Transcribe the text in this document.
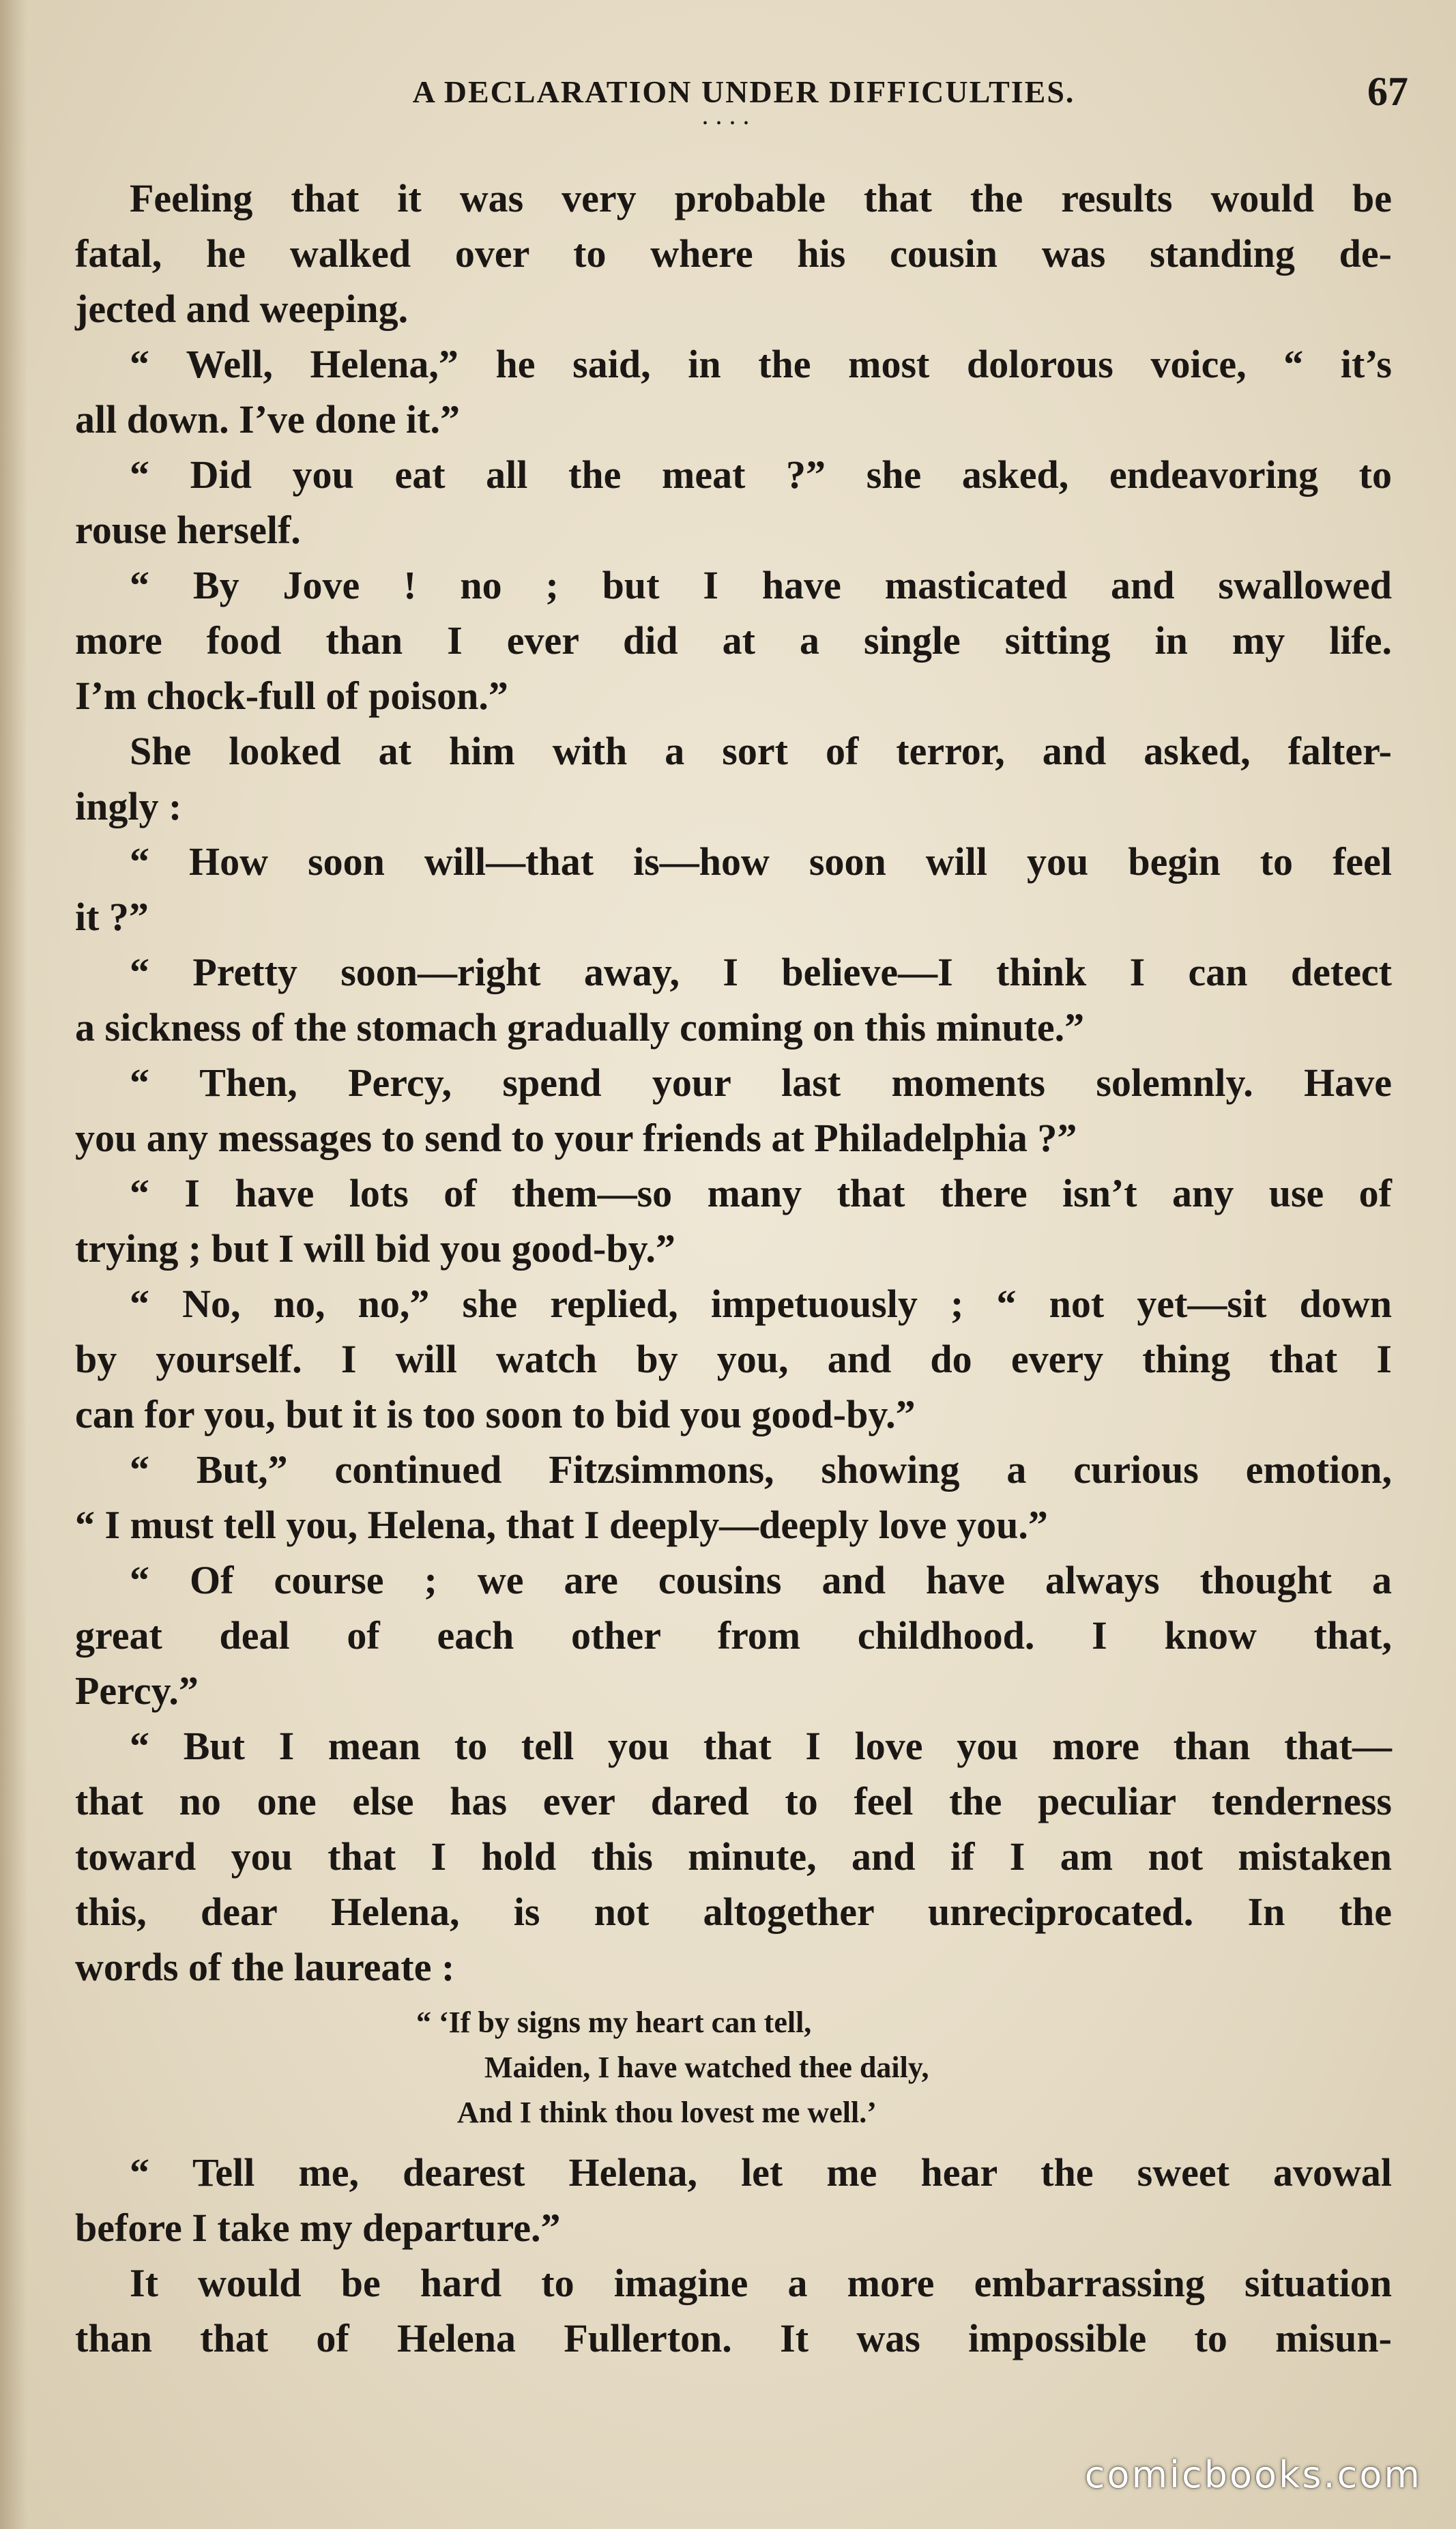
A DECLARATION UNDER DIFFICULTIES.	67
• • • •
Feeling that it was very probable that the results would be
fatal, he walked over to where his cousin was standing de-
jected and weeping.
“ Well, Helena,” he said, in the most dolorous voice, “ it’s
all down. I’ve done it.”
“ Did you eat all the meat ?” she asked, endeavoring to
rouse herself.
“ By Jove ! no ; but I have masticated and swallowed
more food than I ever did at a single sitting in my life.
I’m chock-full of poison.”
She looked at him with a sort of terror, and asked, falter-
ingly :
“ How soon will—that is—how soon will you begin to feel
it ?”
“ Pretty soon—right away, I believe—I think I can detect
a sickness of the stomach gradually coming on this minute.”
“ Then, Percy, spend your last moments solemnly. Have
you any messages to send to your friends at Philadelphia ?”
“ I have lots of them—so many that there isn’t any use of
trying ; but I will bid you good-by.”
“ No, no, no,” she replied, impetuously ; “ not yet—sit down
by yourself. I will watch by you, and do every thing that I
can for you, but it is too soon to bid you good-by.”
“ But,” continued Fitzsimmons, showing a curious emotion,
“ I must tell you, Helena, that I deeply—deeply love you.”
“ Of course ; we are cousins and have always thought a
great deal of each other from childhood. I know that,
Percy.”
“ But I mean to tell you that I love you more than that—
that no one else has ever dared to feel the peculiar tenderness
toward you that I hold this minute, and if I am not mistaken
this, dear Helena, is not altogether unreciprocated. In the
words of the laureate :
“ ‘If by signs my heart can tell,
Maiden, I have watched thee daily,
And I think thou lovest me well.’
“ Tell me, dearest Helena, let me hear the sweet avowal
before I take my departure.”
It would be hard to imagine a more embarrassing situation
than that of Helena Fullerton. It was impossible to misun-
comicbooks.com
